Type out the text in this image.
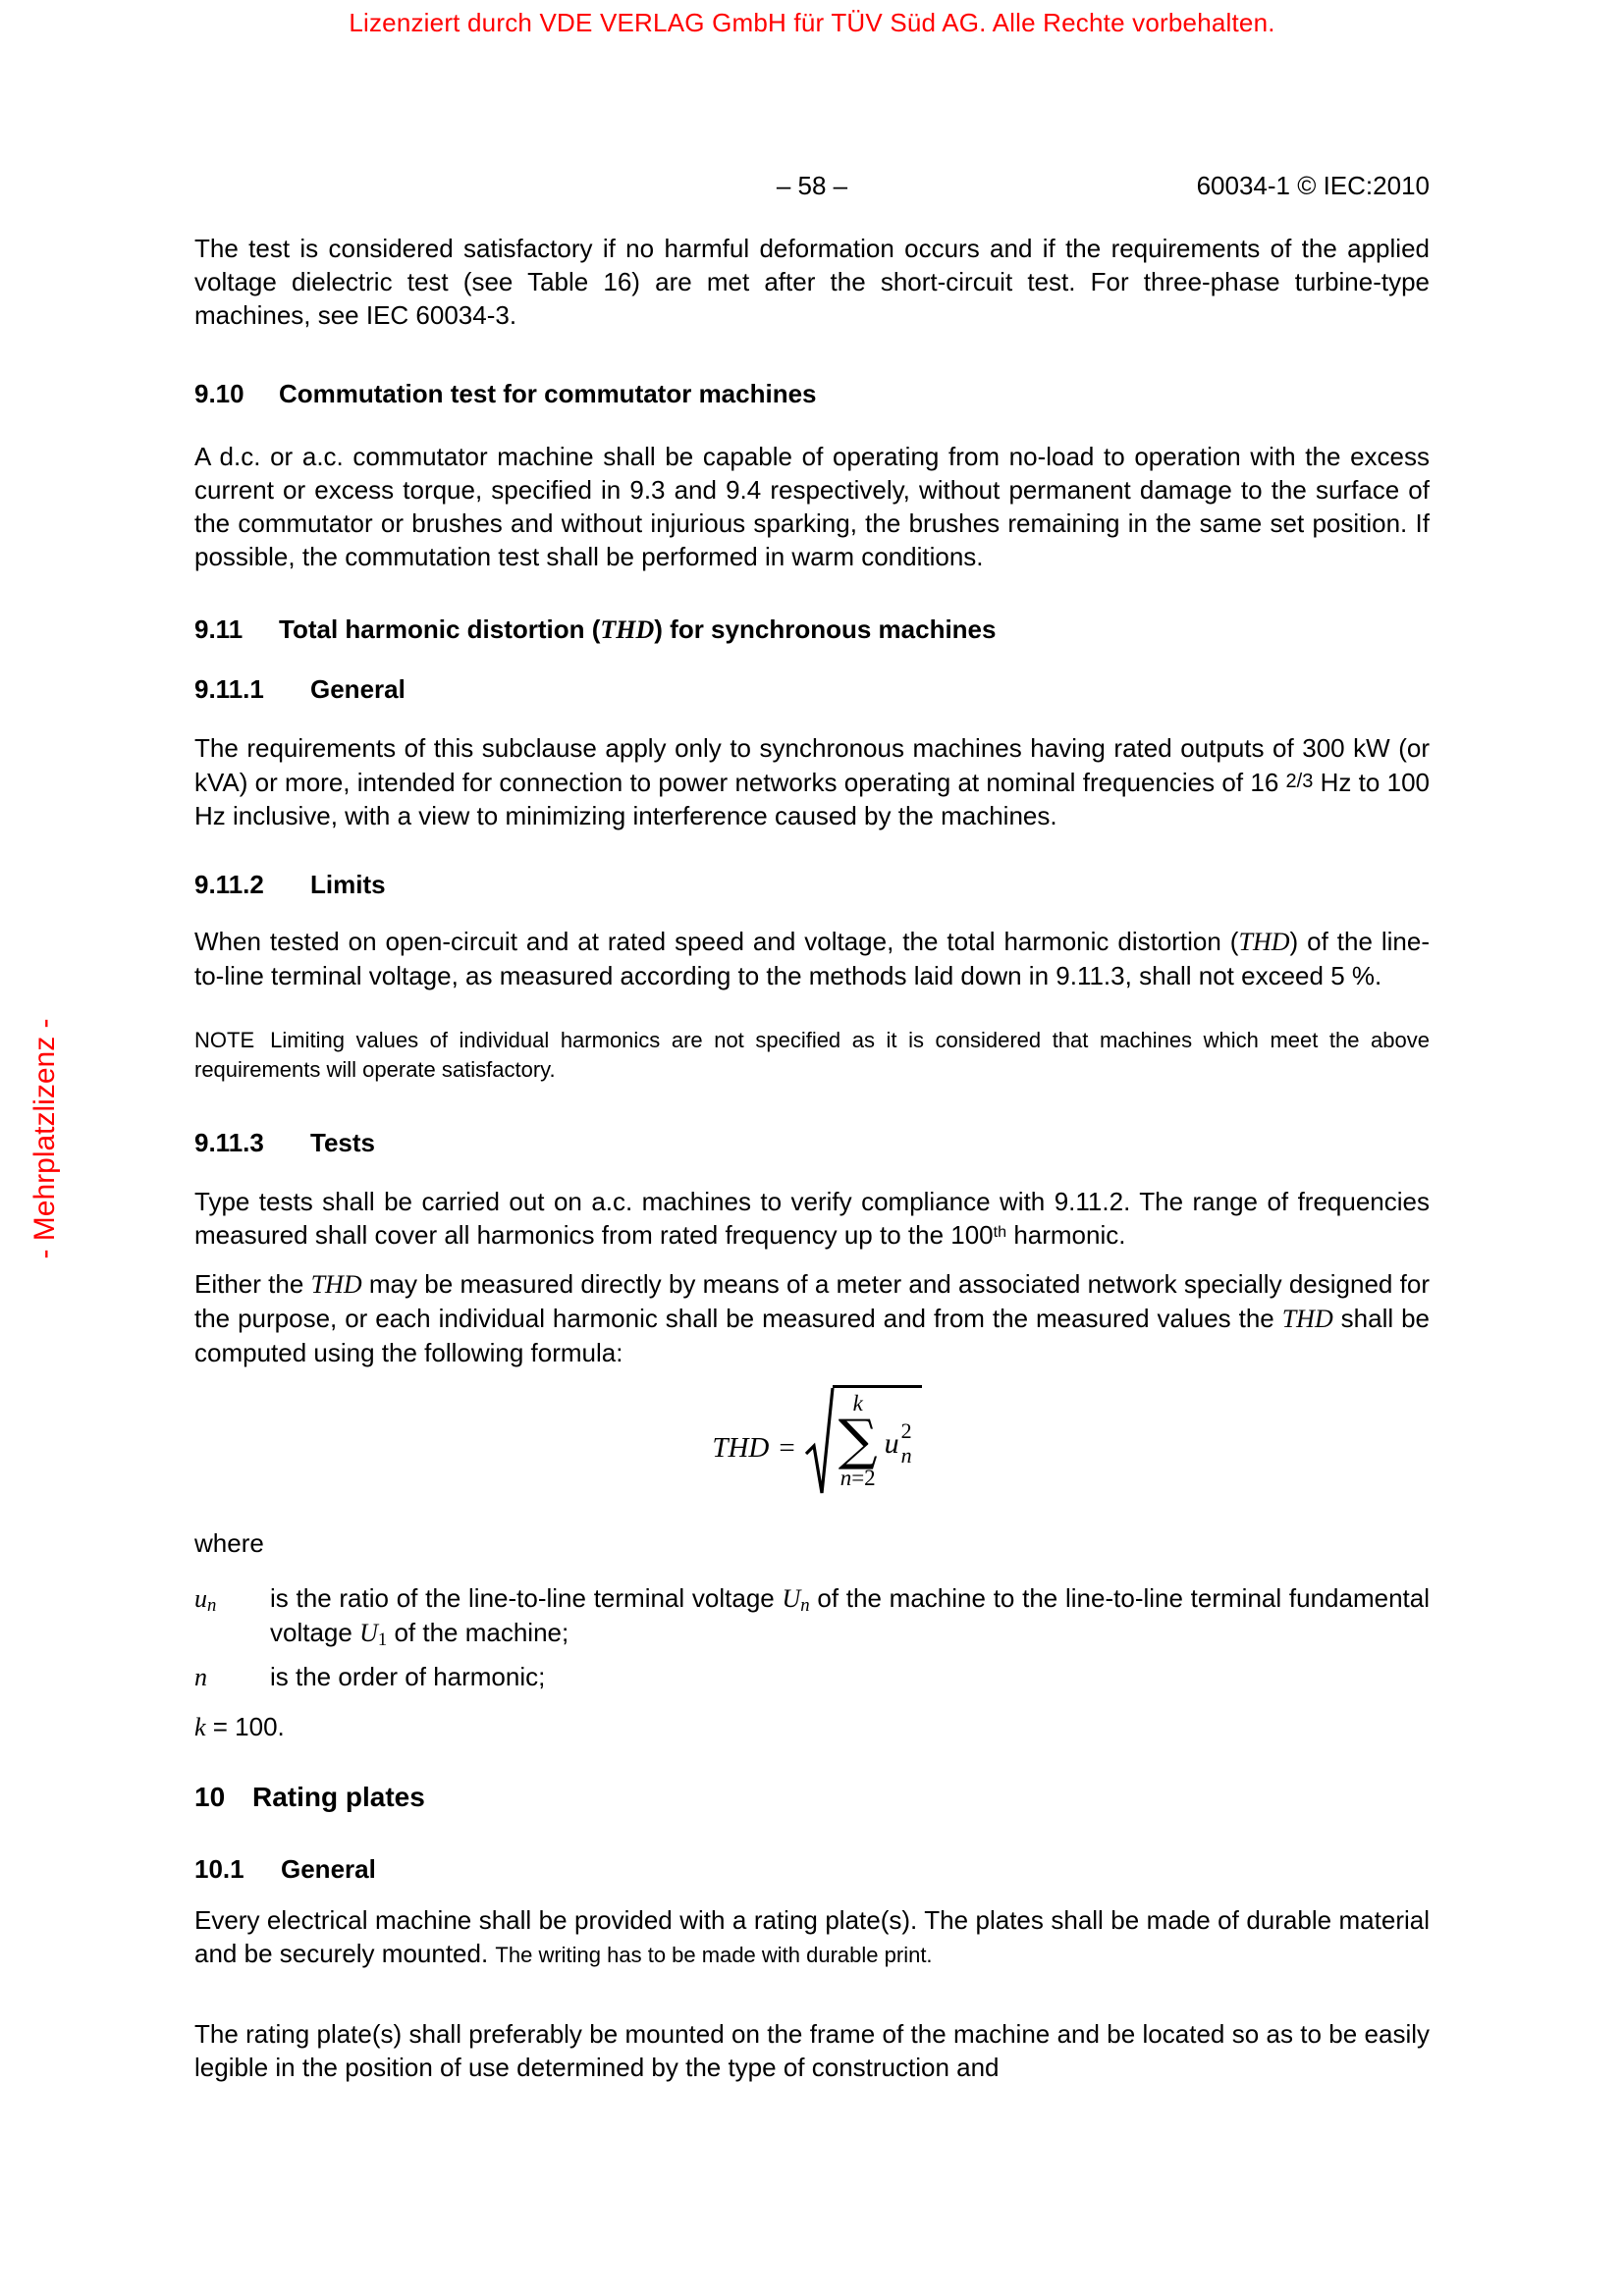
Lizenziert durch VDE VERLAG GmbH für TÜV Süd AG. Alle Rechte vorbehalten.
- Mehrplatzlizenz -
– 58 –	60034-1 © IEC:2010

The test is considered satisfactory if no harmful deformation occurs and if the requirements of the applied voltage dielectric test (see Table 16) are met after the short-circuit test. For three-phase turbine-type machines, see IEC 60034-3.

9.10	Commutation test for commutator machines

A d.c. or a.c. commutator machine shall be capable of operating from no-load to operation with the excess current or excess torque, specified in 9.3 and 9.4 respectively, without permanent damage to the surface of the commutator or brushes and without injurious sparking, the brushes remaining in the same set position. If possible, the commutation test shall be performed in warm conditions.

9.11	Total harmonic distortion (THD) for synchronous machines
9.11.1	General

The requirements of this subclause apply only to synchronous machines having rated outputs of 300 kW (or kVA) or more, intended for connection to power networks operating at nominal frequencies of 16 2/3 Hz to 100 Hz inclusive, with a view to minimizing interference caused by the machines.

9.11.2	Limits

When tested on open-circuit and at rated speed and voltage, the total harmonic distortion (THD) of the line-to-line terminal voltage, as measured according to the methods laid down in 9.11.3, shall not exceed 5 %.

NOTE Limiting values of individual harmonics are not specified as it is considered that machines which meet the above requirements will operate satisfactory.

9.11.3	Tests

Type tests shall be carried out on a.c. machines to verify compliance with 9.11.2. The range of frequencies measured shall cover all harmonics from rated frequency up to the 100th harmonic.

Either the THD may be measured directly by means of a meter and associated network specially designed for the purpose, or each individual harmonic shall be measured and from the measured values the THD shall be computed using the following formula:

THD =
k
∑
n=2
u 2
n
where
$u_n$	is the ratio of the line-to-line terminal voltage $U_n$ of the machine to the line-to-line terminal fundamental voltage $U_1$ of the machine;
n	is the order of harmonic;
k = 100.
10 Rating plates
10.1	General

Every electrical machine shall be provided with a rating plate(s). The plates shall be made of durable material and be securely mounted. The writing has to be made with durable print.

The rating plate(s) shall preferably be mounted on the frame of the machine and be located so as to be easily legible in the position of use determined by the type of construction and
